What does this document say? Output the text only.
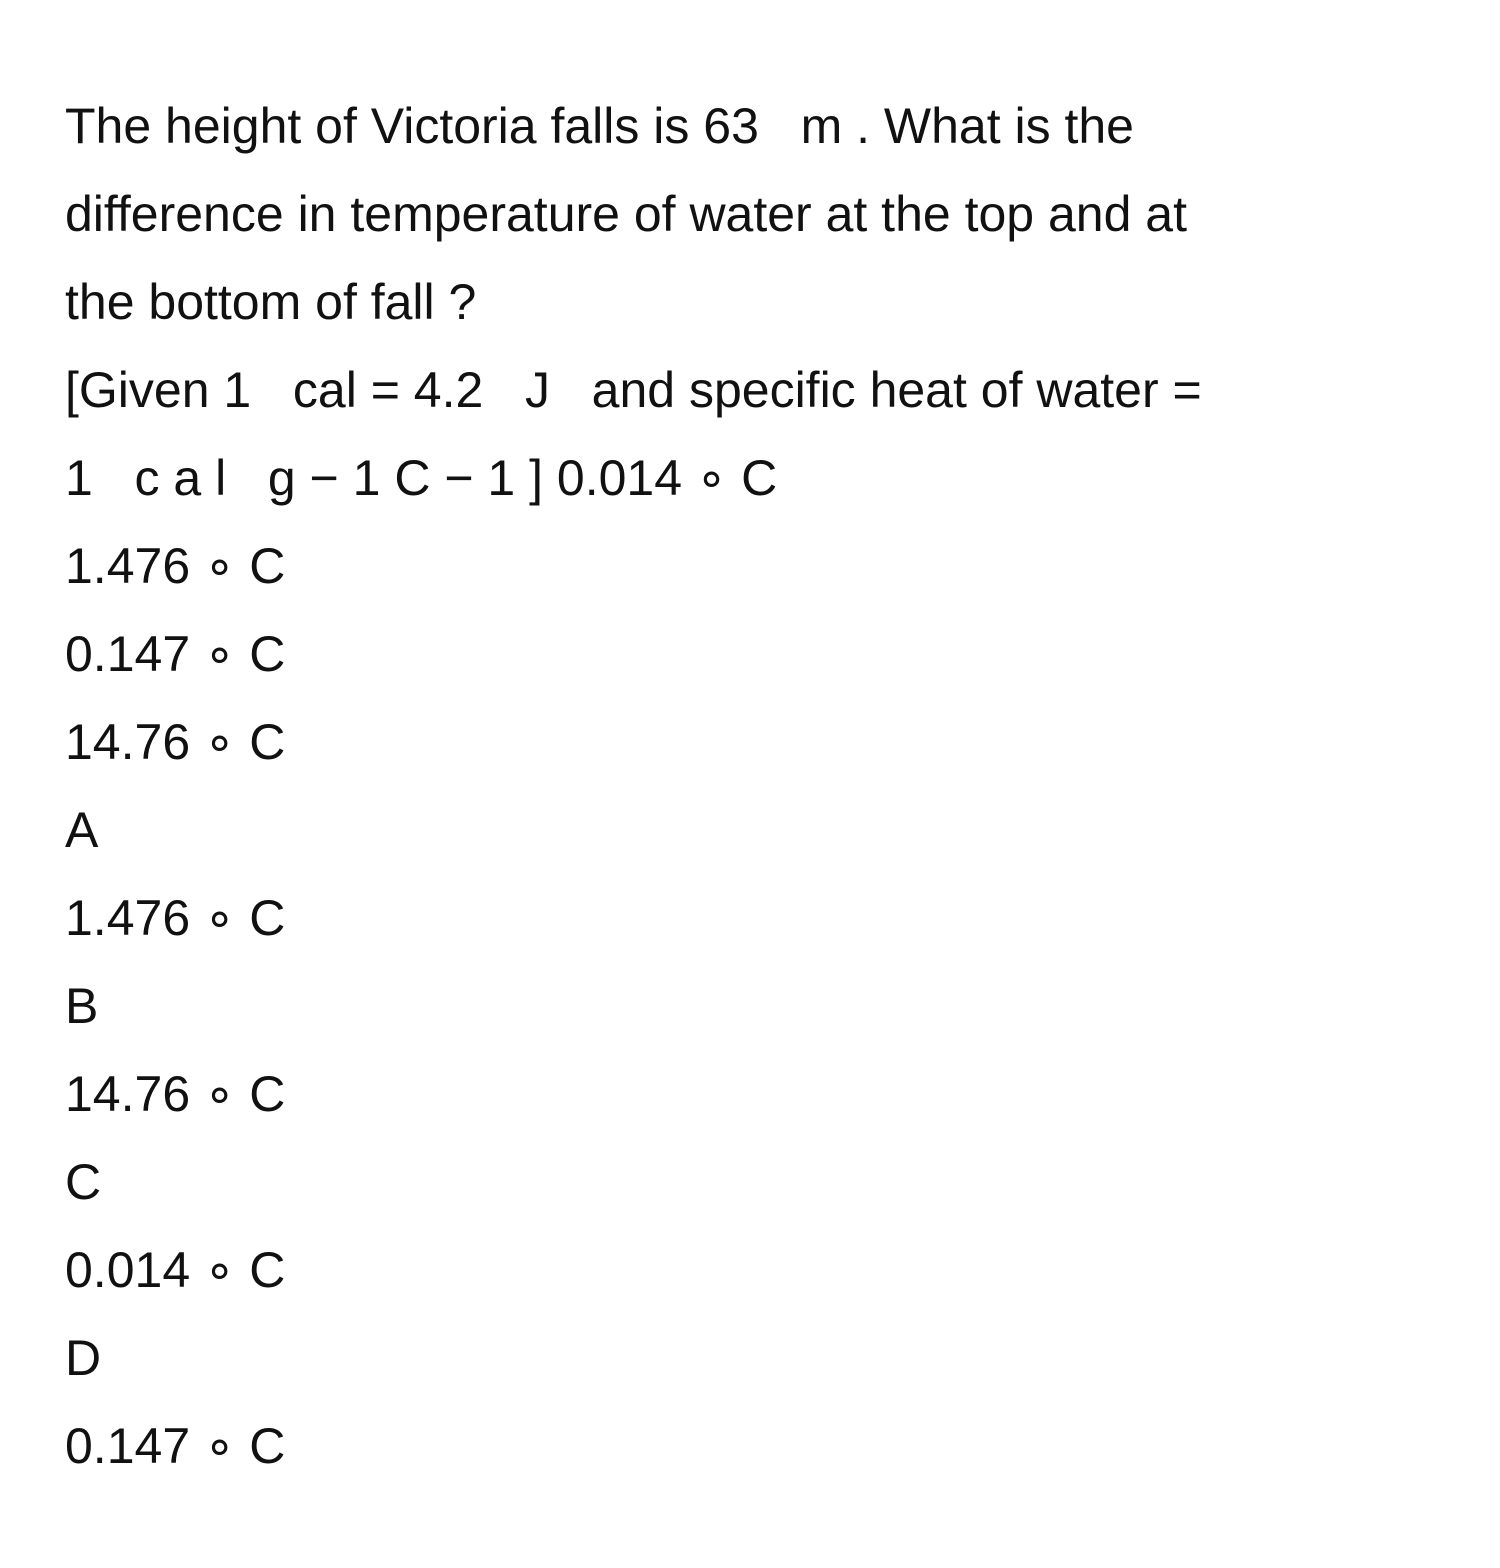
The height of Victoria falls is 63   m . What is the
difference in temperature of water at the top and at
the bottom of fall ?
[Given 1   cal = 4.2   J   and specific heat of water =
1   c a l   g − 1 C − 1 ] 0.014 ∘ C
1.476 ∘ C
0.147 ∘ C
14.76 ∘ C
A
1.476 ∘ C
B
14.76 ∘ C
C
0.014 ∘ C
D
0.147 ∘ C
